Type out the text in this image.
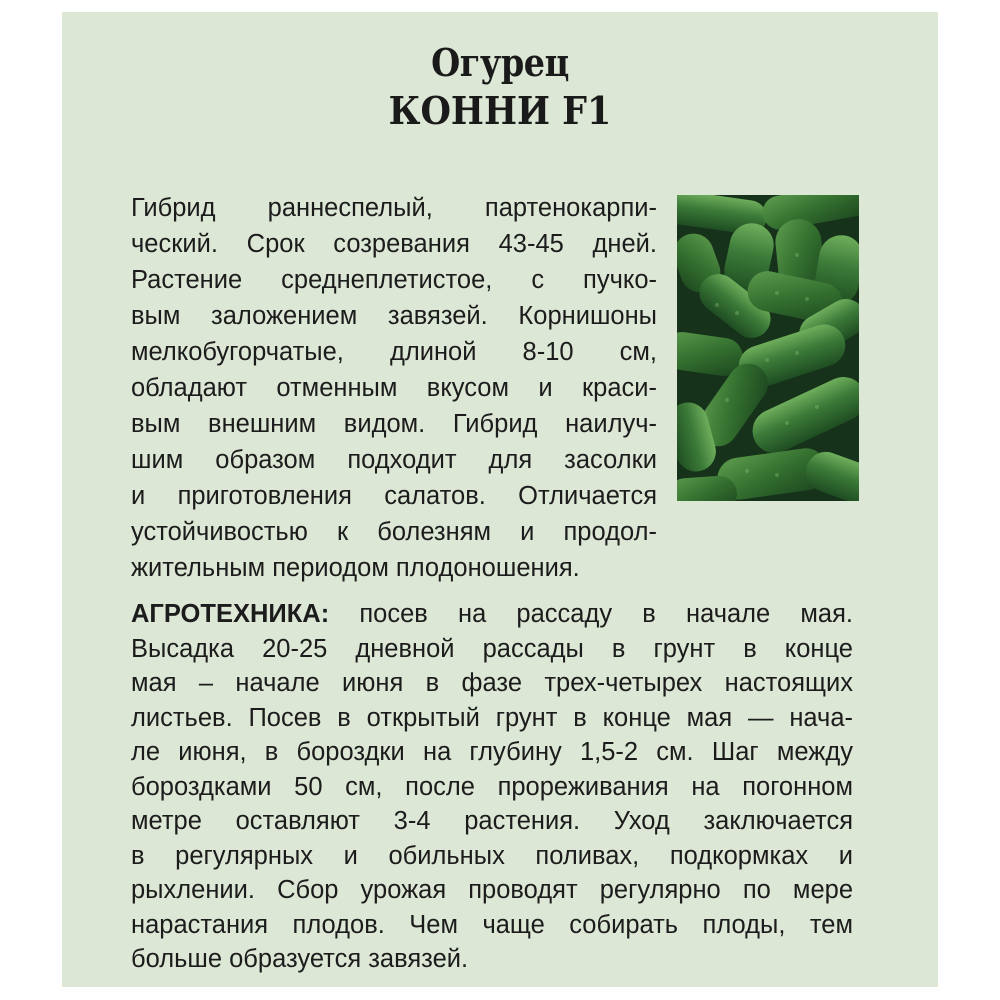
Огурец
КОННИ F1
Гибрид раннеспелый, партенокарпи-
ческий. Срок созревания 43-45 дней.
Растение среднеплетистое, с пучко-
вым заложением завязей. Корнишоны
мелкобугорчатые, длиной 8-10 см,
обладают отменным вкусом и краси-
вым внешним видом. Гибрид наилуч-
шим образом подходит для засолки
и приготовления салатов. Отличается
устойчивостью к болезням и продол-
жительным периодом плодоношения.
АГРОТЕХНИКА: посев на рассаду в начале мая.
Высадка 20-25 дневной рассады в грунт в конце
мая – начале июня в фазе трех-четырех настоящих
листьев. Посев в открытый грунт в конце мая — нача-
ле июня, в бороздки на глубину 1,5-2 см. Шаг между
бороздками 50 см, после прореживания на погонном
метре оставляют 3-4 растения. Уход заключается
в регулярных и обильных поливах, подкормках и
рыхлении. Сбор урожая проводят регулярно по мере
нарастания плодов. Чем чаще собирать плоды, тем
больше образуется завязей.
